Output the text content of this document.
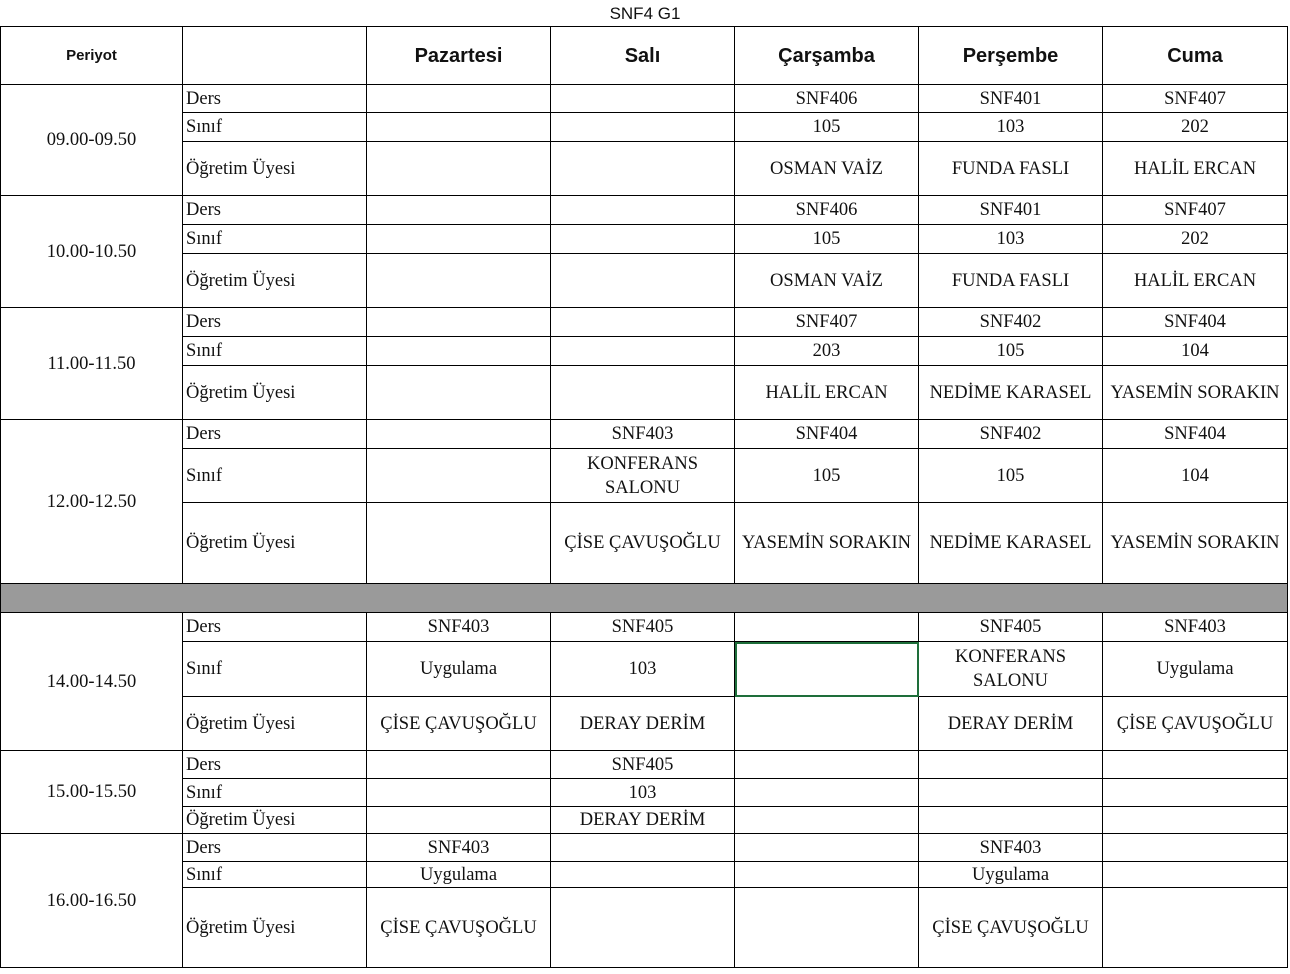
SNF4 G1
Periyot		Pazartesi	Salı	Çarşamba	Perşembe	Cuma
09.00-09.50	Ders			SNF406	SNF401	SNF407
	Sınıf			105	103	202
	Öğretim Üyesi			OSMAN VAİZ	FUNDA FASLI	HALİL ERCAN
10.00-10.50	Ders			SNF406	SNF401	SNF407
	Sınıf			105	103	202
	Öğretim Üyesi			OSMAN VAİZ	FUNDA FASLI	HALİL ERCAN
11.00-11.50	Ders			SNF407	SNF402	SNF404
	Sınıf			203	105	104
	Öğretim Üyesi			HALİL ERCAN	NEDİME KARASEL	YASEMİN SORAKIN
12.00-12.50	Ders		SNF403	SNF404	SNF402	SNF404
	Sınıf		KONFERANS SALONU	105	105	104
	Öğretim Üyesi		ÇİSE ÇAVUŞOĞLU	YASEMİN SORAKIN	NEDİME KARASEL	YASEMİN SORAKIN

14.00-14.50	Ders	SNF403	SNF405		SNF405	SNF403
	Sınıf	Uygulama	103		KONFERANS SALONU	Uygulama
	Öğretim Üyesi	ÇİSE ÇAVUŞOĞLU	DERAY DERİM		DERAY DERİM	ÇİSE ÇAVUŞOĞLU
15.00-15.50	Ders		SNF405			
	Sınıf		103			
	Öğretim Üyesi		DERAY DERİM			
16.00-16.50	Ders	SNF403			SNF403	
	Sınıf	Uygulama			Uygulama	
	Öğretim Üyesi	ÇİSE ÇAVUŞOĞLU			ÇİSE ÇAVUŞOĞLU	
